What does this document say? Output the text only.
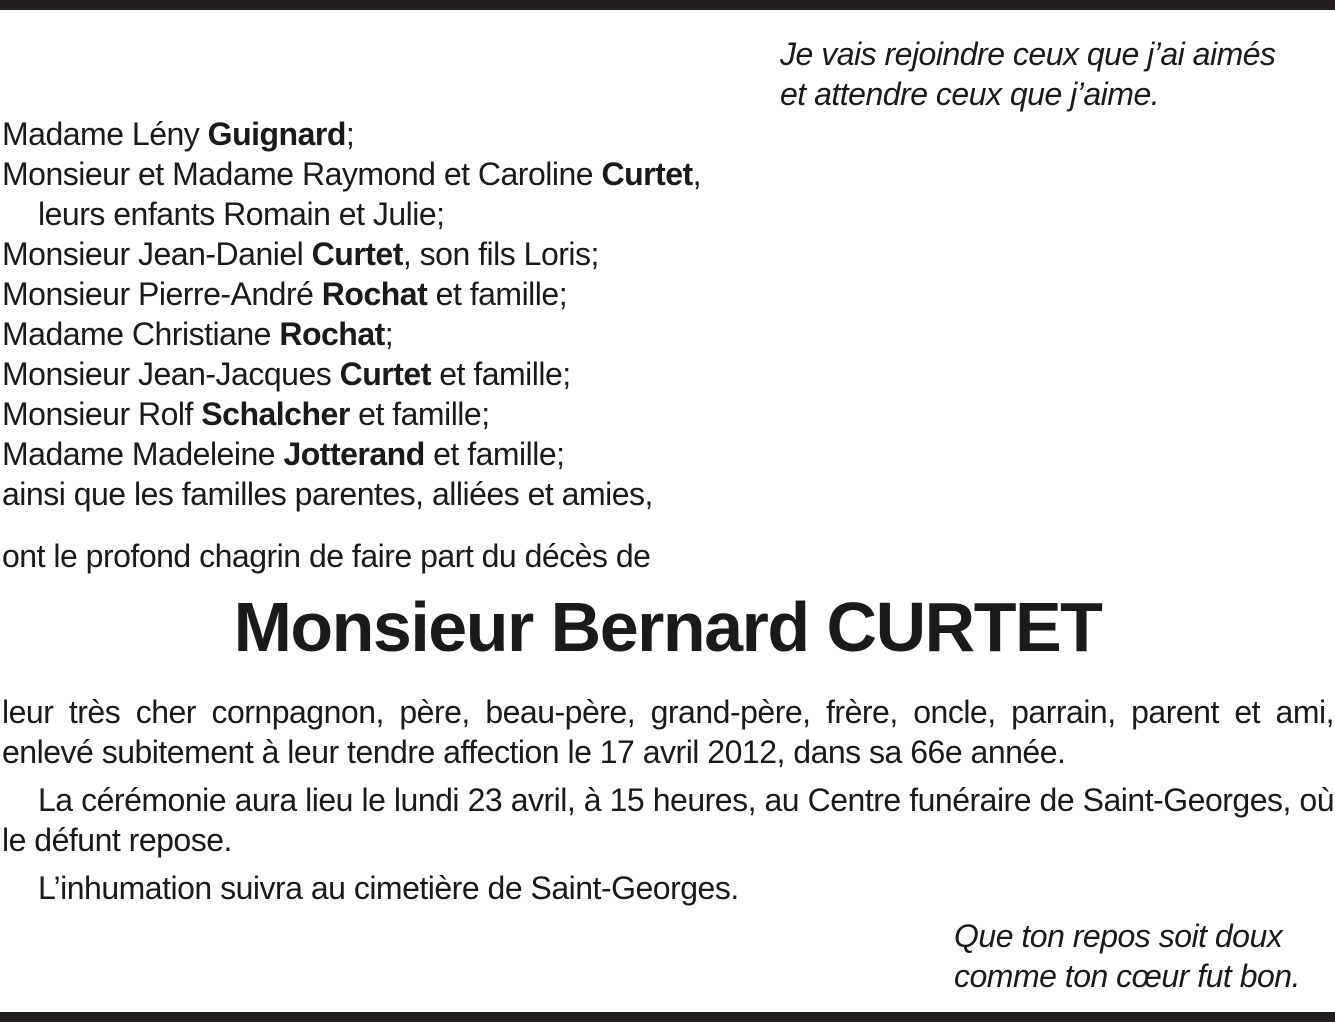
Je vais rejoindre ceux que j’ai aimés
et attendre ceux que j’aime.
Madame Lény Guignard;
Monsieur et Madame Raymond et Caroline Curtet,
leurs enfants Romain et Julie;
Monsieur Jean-Daniel Curtet, son fils Loris;
Monsieur Pierre-André Rochat et famille;
Madame Christiane Rochat;
Monsieur Jean-Jacques Curtet et famille;
Monsieur Rolf Schalcher et famille;
Madame Madeleine Jotterand et famille;
ainsi que les familles parentes, alliées et amies,
ont le profond chagrin de faire part du décès de
Monsieur Bernard CURTET

leur très cher cornpagnon, père, beau-père, grand-père, frère, oncle, parrain, parent et ami, enlevé subitement à leur tendre affection le 17 avril 2012, dans sa 66e année.

La cérémonie aura lieu le lundi 23 avril, à 15 heures, au Centre funéraire de Saint-Georges, où le défunt repose.

L’inhumation suivra au cimetière de Saint-Georges.

Que ton repos soit doux
comme ton cœur fut bon.
